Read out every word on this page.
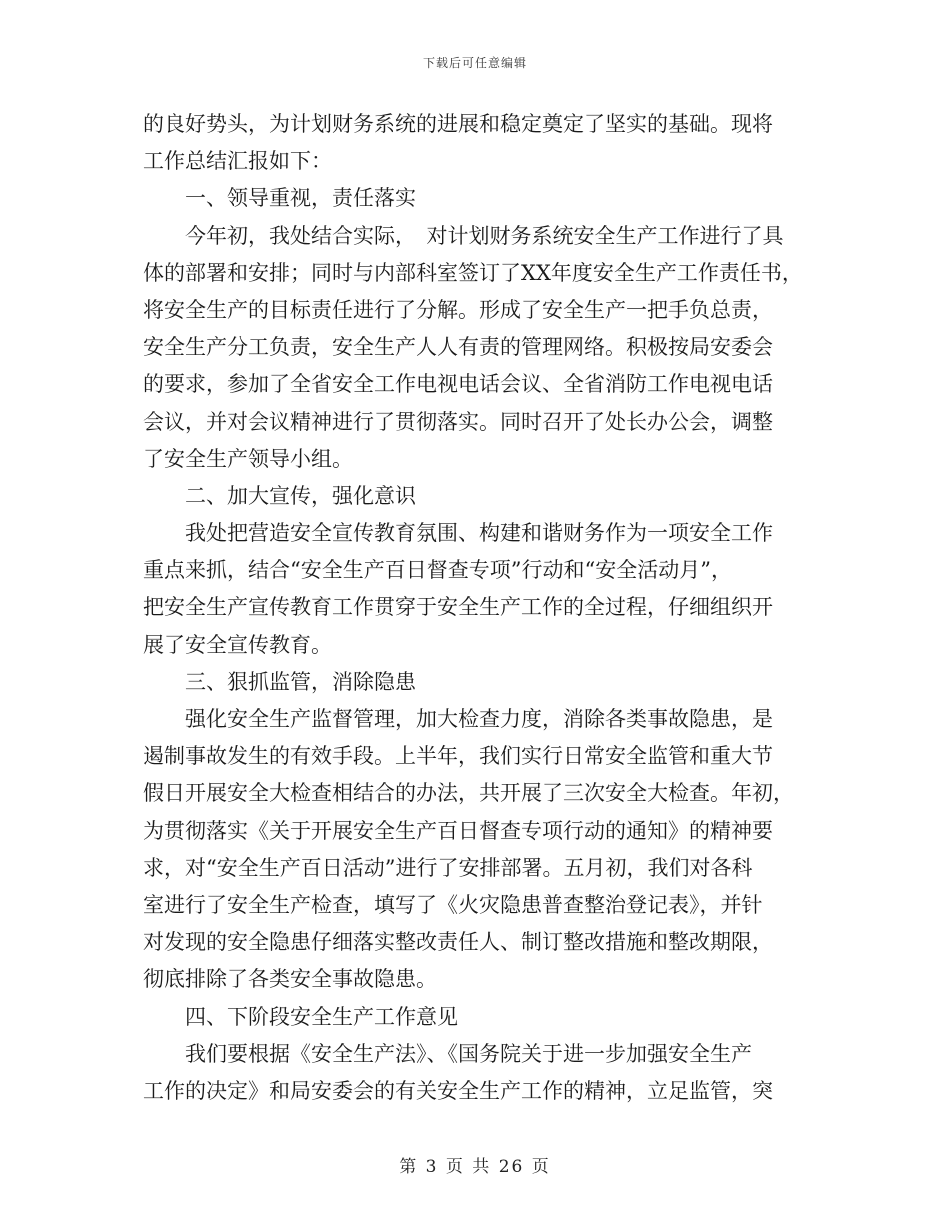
下载后可任意编辑
的良好势头，为计划财务系统的进展和稳定奠定了坚实的基础。现将
工作总结汇报如下：
　　一、领导重视，责任落实
　　今年初，我处结合实际，　对计划财务系统安全生产工作进行了具
体的部署和安排；同时与内部科室签订了XX年度安全生产工作责任书，
将安全生产的目标责任进行了分解。形成了安全生产一把手负总责，
安全生产分工负责，安全生产人人有责的管理网络。积极按局安委会
的要求，参加了全省安全工作电视电话会议、全省消防工作电视电话
会议，并对会议精神进行了贯彻落实。同时召开了处长办公会，调整
了安全生产领导小组。
　　二、加大宣传，强化意识
　　我处把营造安全宣传教育氛围、构建和谐财务作为一项安全工作
重点来抓，结合“安全生产百日督查专项”行动和“安全活动月”，
把安全生产宣传教育工作贯穿于安全生产工作的全过程，仔细组织开
展了安全宣传教育。
　　三、狠抓监管，消除隐患
　　强化安全生产监督管理，加大检查力度，消除各类事故隐患，是
遏制事故发生的有效手段。上半年，我们实行日常安全监管和重大节
假日开展安全大检查相结合的办法，共开展了三次安全大检查。年初，
为贯彻落实《关于开展安全生产百日督查专项行动的通知》的精神要
求，对“安全生产百日活动”进行了安排部署。五月初，我们对各科
室进行了安全生产检查，填写了《火灾隐患普查整治登记表》，并针
对发现的安全隐患仔细落实整改责任人、制订整改措施和整改期限，
彻底排除了各类安全事故隐患。
　　四、下阶段安全生产工作意见
　　我们要根据《安全生产法》、《国务院关于进一步加强安全生产
工作的决定》和局安委会的有关安全生产工作的精神，立足监管，突
第 3 页 共 26 页
